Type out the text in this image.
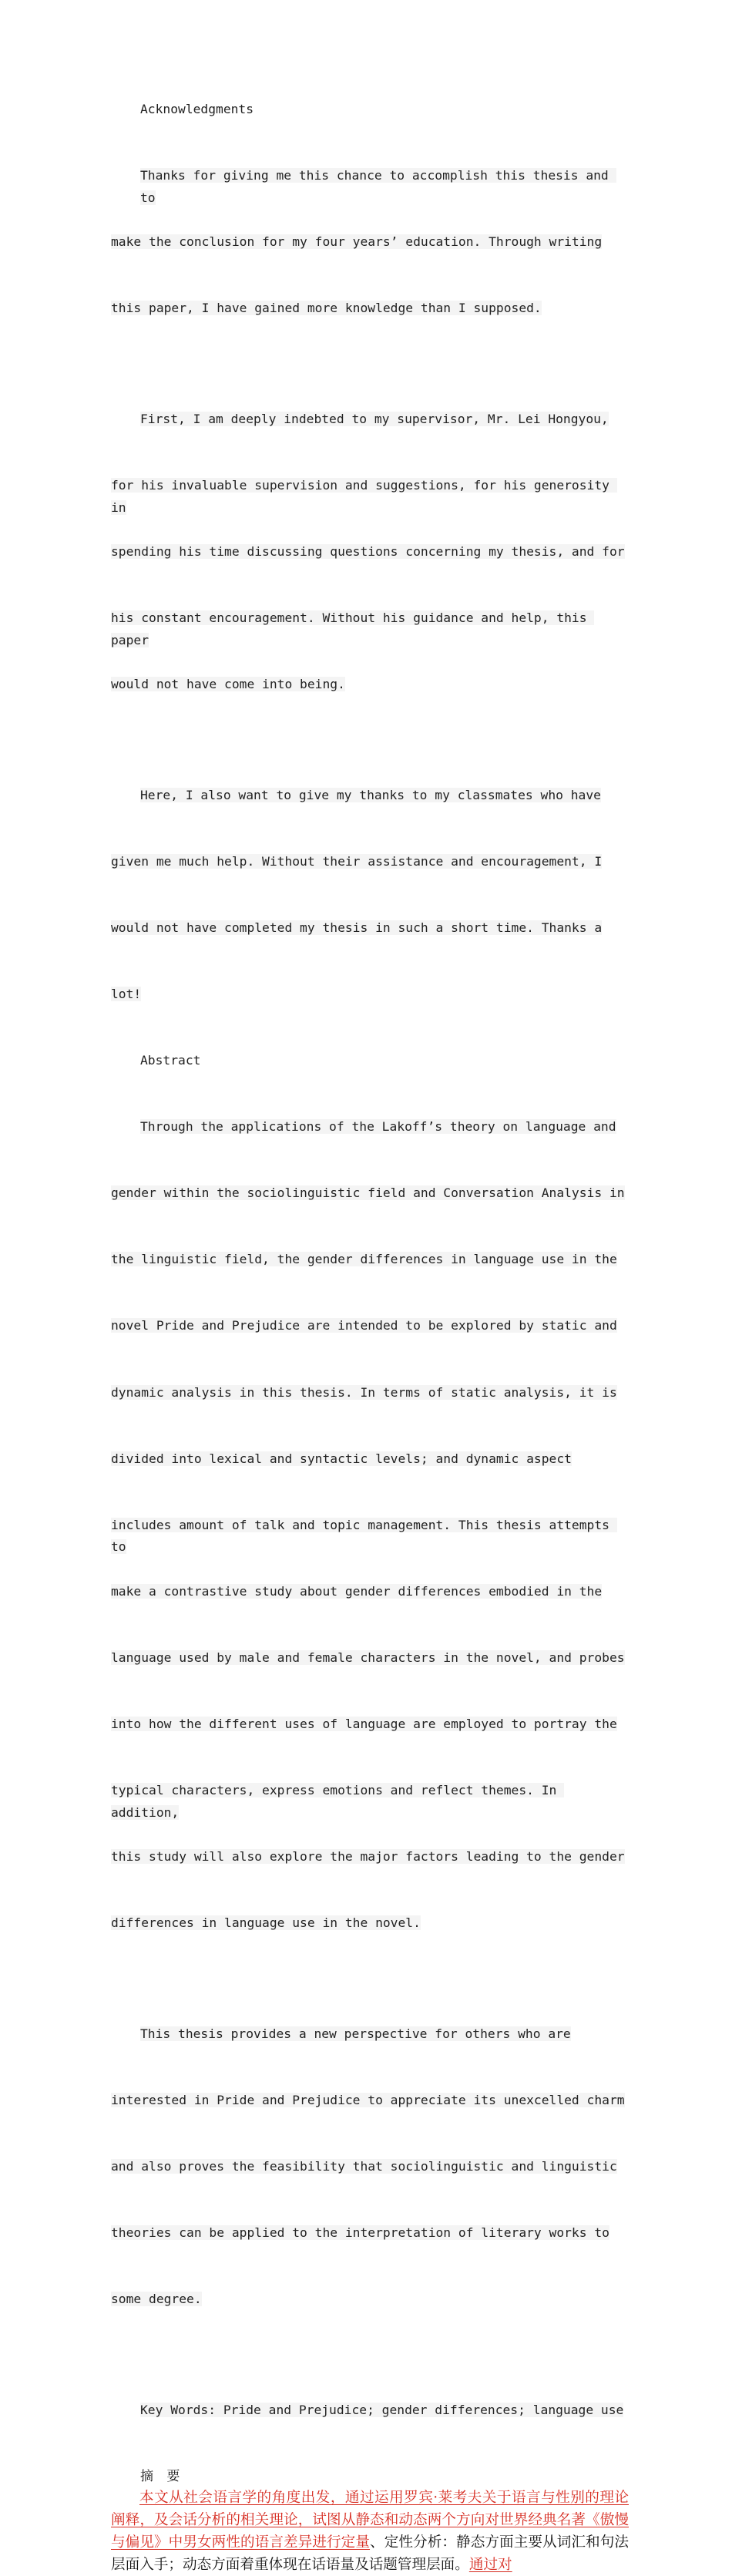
Acknowledgments

Thanks for giving me this chance to accomplish this thesis and to

make the conclusion for my four years’ education. Through writing

this paper, I have gained more knowledge than I supposed.

First, I am deeply indebted to my supervisor, Mr. Lei Hongyou,

for his invaluable supervision and suggestions, for his generosity in

spending his time discussing questions concerning my thesis, and for

his constant encouragement. Without his guidance and help, this paper

would not have come into being.

Here, I also want to give my thanks to my classmates who have

given me much help. Without their assistance and encouragement, I

would not have completed my thesis in such a short time. Thanks a

lot!

Abstract

Through the applications of the Lakoff’s theory on language and

gender within the sociolinguistic field and Conversation Analysis in

the linguistic field, the gender differences in language use in the

novel Pride and Prejudice are intended to be explored by static and

dynamic analysis in this thesis. In terms of static analysis, it is

divided into lexical and syntactic levels; and dynamic aspect

includes amount of talk and topic management. This thesis attempts to

make a contrastive study about gender differences embodied in the

language used by male and female characters in the novel, and probes

into how the different uses of language are employed to portray the

typical characters, express emotions and reflect themes. In addition,

this study will also explore the major factors leading to the gender

differences in language use in the novel.

This thesis provides a new perspective for others who are

interested in Pride and Prejudice to appreciate its unexcelled charm

and also proves the feasibility that sociolinguistic and linguistic

theories can be applied to the interpretation of literary works to

some degree.

Key Words: Pride and Prejudice; gender differences; language use

摘 要

本文从社会语言学的角度出发，通过运用罗宾·莱考夫关于语言与性别的理论阐释，及会话分析的相关理论，试图从静态和动态两个方向对世界经典名著《傲慢与偏见》中男女两性的语言差异进行定量、定性分析：静态方面主要从词汇和句法层面入手；动态方面着重体现在话语量及话题管理层面。通过对
